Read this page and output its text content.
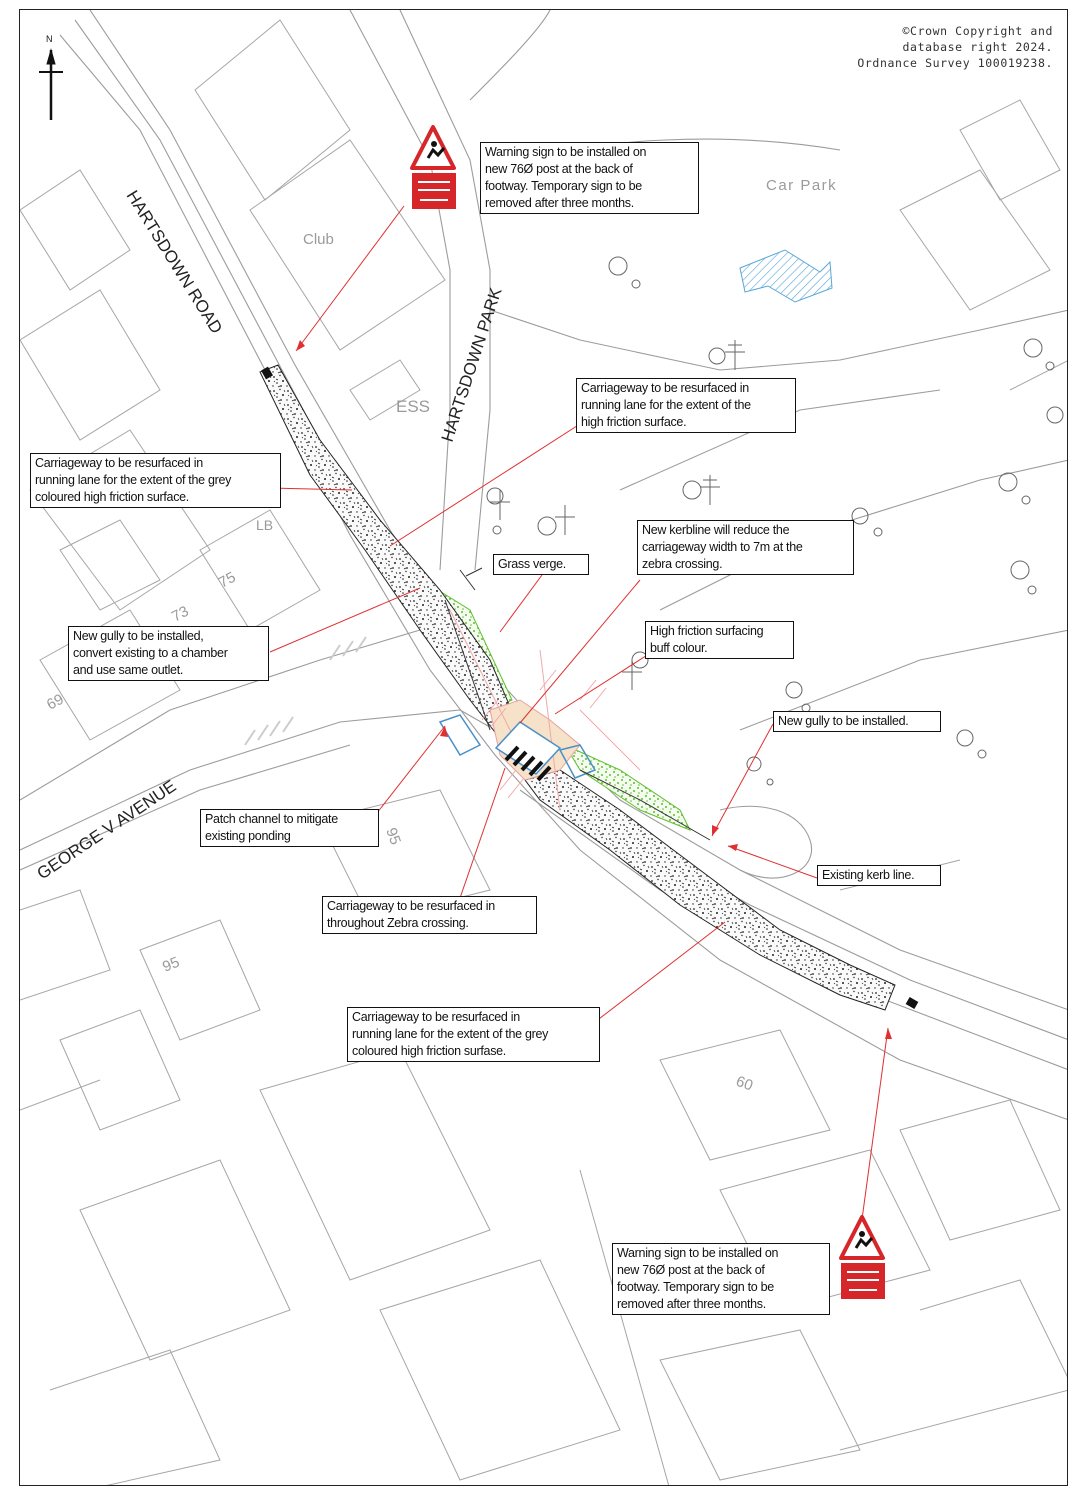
HARTSDOWN ROAD
HARTSDOWN PARK
GEORGE V AVENUE
Club
Car Park
ESS
LB
75
73
69
95
95
60
N
©Crown Copyright and
database right 2024.
Ordnance Survey 100019238.
Warning sign to be installed on
new 76Ø post at the back of
footway. Temporary sign to be
removed after three months.
Carriageway to be resurfaced in
running lane for the extent of the grey
coloured high friction surface.
Carriageway to be resurfaced in
running lane for the extent of the
high friction surface.
New kerbline will reduce the
carriageway width to 7m at the
zebra crossing.
Grass verge.
High friction surfacing
buff colour.
New gully to be installed,
convert existing to a chamber
and use same outlet.
New gully to be installed.
Patch channel to mitigate
existing ponding
Existing kerb line.
Carriageway to be resurfaced in
throughout Zebra crossing.
Carriageway to be resurfaced in
running lane for the extent of the grey
coloured high friction surfase.
Warning sign to be installed on
new 76Ø post at the back of
footway. Temporary sign to be
removed after three months.
